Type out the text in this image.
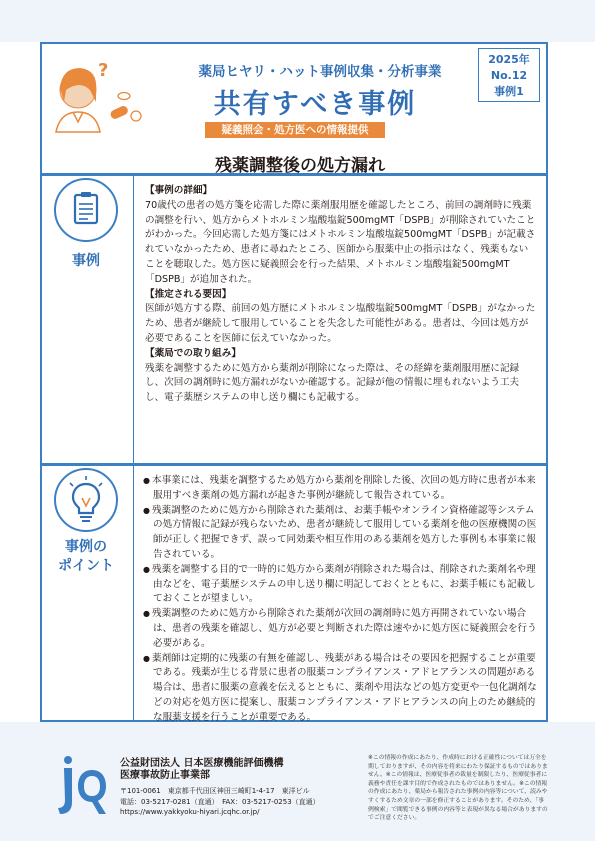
?	薬局ヒヤリ・ハット事例収集・分析事業
共有すべき事例
疑義照会・処方医への情報提供
2025年
No.12
事例1
残薬調整後の処方漏れ
事例
【事例の詳細】
70歳代の患者の処方箋を応需した際に薬剤服用歴を確認したところ、前回の調剤時に残薬の調整を行い、処方からメトホルミン塩酸塩錠500mgMT「DSPB」が削除されていたことがわかった。今回応需した処方箋にはメトホルミン塩酸塩錠500mgMT「DSPB」が記載されていなかったため、患者に尋ねたところ、医師から服薬中止の指示はなく、残薬もないことを聴取した。処方医に疑義照会を行った結果、メトホルミン塩酸塩錠500mgMT「DSPB」が追加された。
【推定される要因】
医師が処方する際、前回の処方歴にメトホルミン塩酸塩錠500mgMT「DSPB」がなかったため、患者が継続して服用していることを失念した可能性がある。患者は、今回は処方が必要であることを医師に伝えていなかった。
【薬局での取り組み】
残薬を調整するために処方から薬剤が削除になった際は、その経緯を薬剤服用歴に記録し、次回の調剤時に処方漏れがないか確認する。記録が他の情報に埋もれないよう工夫し、電子薬歴システムの申し送り欄にも記載する。
事例の
ポイント
● 本事業には、残薬を調整するため処方から薬剤を削除した後、次回の処方時に患者が本来服用すべき薬剤の処方漏れが起きた事例が継続して報告されている。
● 残薬調整のために処方から削除された薬剤は、お薬手帳やオンライン資格確認等システムの処方情報に記録が残らないため、患者が継続して服用している薬剤を他の医療機関の医師が正しく把握できず、誤って同効薬や相互作用のある薬剤を処方した事例も本事業に報告されている。
● 残薬を調整する目的で一時的に処方から薬剤が削除された場合は、削除された薬剤名や理由などを、電子薬歴システムの申し送り欄に明記しておくとともに、お薬手帳にも記載しておくことが望ましい。
● 残薬調整のために処方から削除された薬剤が次回の調剤時に処方再開されていない場合は、患者の残薬を確認し、処方が必要と判断された際は速やかに処方医に疑義照会を行う必要がある。
● 薬剤師は定期的に残薬の有無を確認し、残薬がある場合はその要因を把握することが重要である。残薬が生じる背景に患者の服薬コンプライアンス・アドヒアランスの問題がある場合は、患者に服薬の意義を伝えるとともに、薬剤や用法などの処方変更や一包化調剤などの対応を処方医に提案し、服薬コンプライアンス・アドヒアランスの向上のため継続的な服薬支援を行うことが重要である。
公益財団法人 日本医療機能評価機構
医療事故防止事業部
〒101-0061　東京都千代田区神田三崎町1-4-17　東洋ビル
電話：03-5217-0281（直通）　FAX：03-5217-0253（直通）
https://www.yakkyoku-hiyari.jcqhc.or.jp/
※この情報の作成にあたり、作成時における正確性については万全を期しておりますが、その内容を将来にわたり保証するものではありません。※この情報は、医療従事者の裁量を制限したり、医療従事者に義務や責任を課す目的で作成されたものではありません。※この情報の作成にあたり、薬局から報告された事例の内容等について、読みやすくするため文章の一部を修正することがあります。そのため、「事例検索」で閲覧できる事例の内容等と表現が異なる場合がありますのでご注意ください。
